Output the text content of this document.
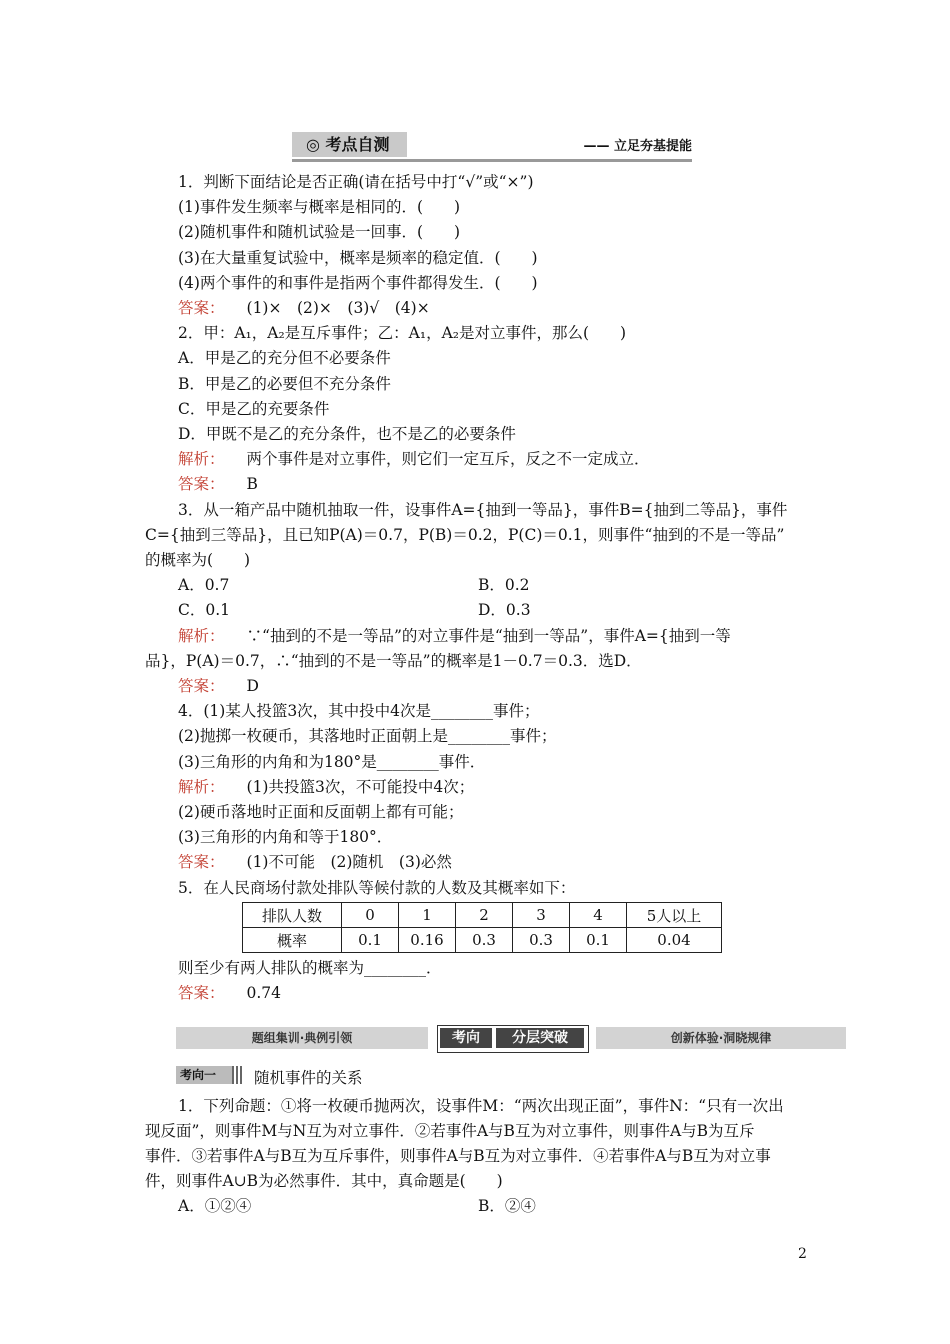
◎ 考点自测	—— 立足夯基提能
1．判断下面结论是否正确(请在括号中打“√”或“×”)
(1)事件发生频率与概率是相同的．(　　)
(2)随机事件和随机试验是一回事．(　　)
(3)在大量重复试验中，概率是频率的稳定值．(　　)
(4)两个事件的和事件是指两个事件都得发生．(　　)
答案： (1)×　(2)×　(3)√　(4)×
2．甲：A₁，A₂是互斥事件；乙：A₁，A₂是对立事件，那么(　　)
A．甲是乙的充分但不必要条件
B．甲是乙的必要但不充分条件
C．甲是乙的充要条件
D．甲既不是乙的充分条件，也不是乙的必要条件
解析： 两个事件是对立事件，则它们一定互斥，反之不一定成立．
答案： B
3．从一箱产品中随机抽取一件，设事件A={抽到一等品}，事件B={抽到二等品}，事件
C={抽到三等品}，且已知P(A)＝0.7，P(B)＝0.2，P(C)＝0.1，则事件“抽到的不是一等品”
的概率为(　　)
A．0.7	B．0.2
C．0.1	D．0.3
解析： ∵“抽到的不是一等品”的对立事件是“抽到一等品”，事件A={抽到一等
品}，P(A)＝0.7，∴“抽到的不是一等品”的概率是1－0.7＝0.3．选D．
答案： D
4．(1)某人投篮3次，其中投中4次是________事件；
(2)抛掷一枚硬币，其落地时正面朝上是________事件；
(3)三角形的内角和为180°是________事件．
解析： (1)共投篮3次，不可能投中4次；
(2)硬币落地时正面和反面朝上都有可能；
(3)三角形的内角和等于180°．
答案： (1)不可能　(2)随机　(3)必然
5．在人民商场付款处排队等候付款的人数及其概率如下：
排队人数	0	1	2	3	4	5人以上
概率	0.1	0.16	0.3	0.3	0.1	0.04
则至少有两人排队的概率为________．
答案： 0.74
题组集训·典例引领	考向	分层突破	创新体验·洞晓规律
考向一	随机事件的关系
1．下列命题：①将一枚硬币抛两次，设事件M：“两次出现正面”，事件N：“只有一次出
现反面”，则事件M与N互为对立事件．②若事件A与B互为对立事件，则事件A与B为互斥
事件．③若事件A与B互为互斥事件，则事件A与B互为对立事件．④若事件A与B互为对立事
件，则事件A∪B为必然事件．其中，真命题是(　　)
A．①②④	B．②④
2
